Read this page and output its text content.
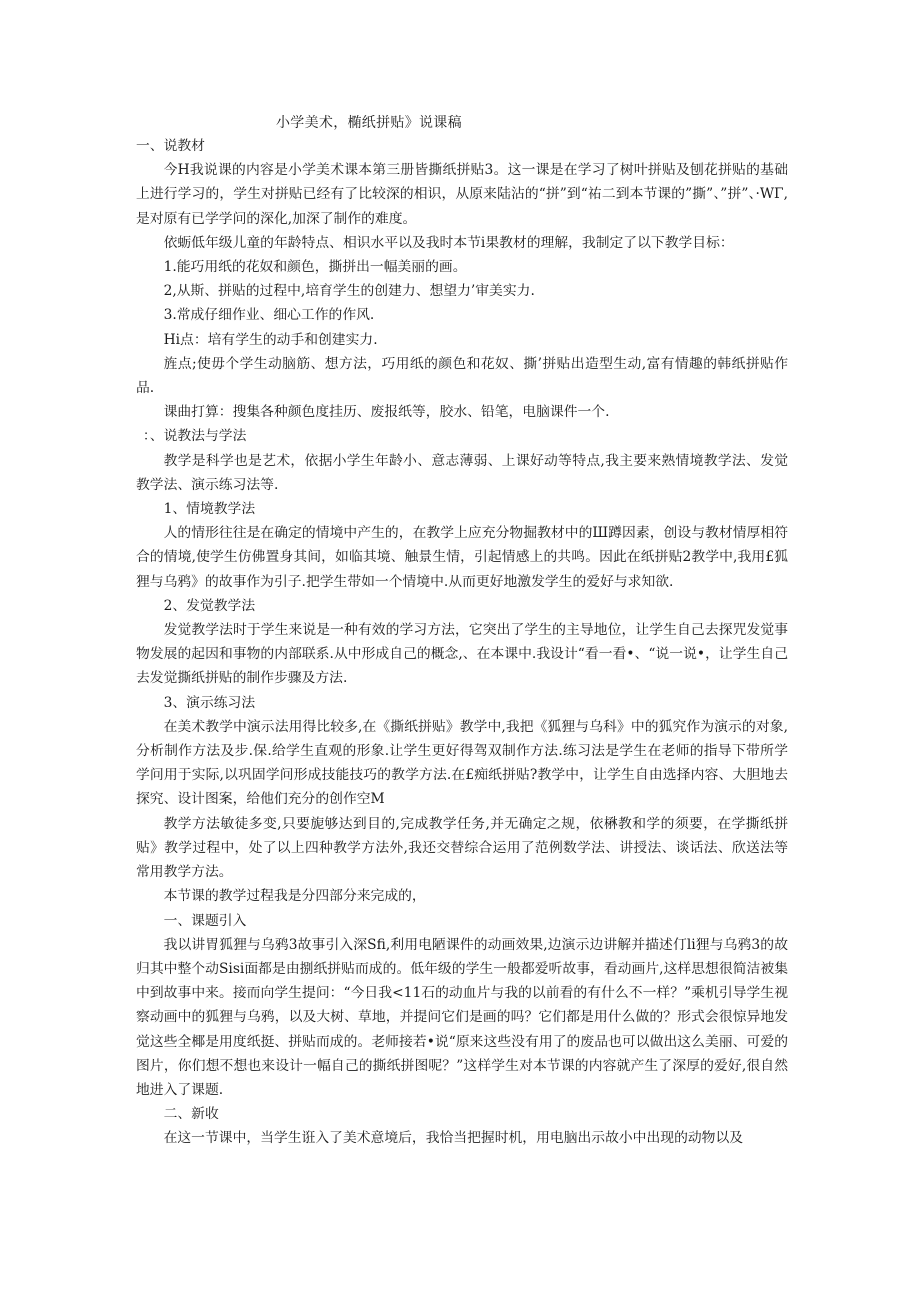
小学美术，椭纸拼贴》说课稿

一、说教材

今H我说课的内容是小学美术课本第三册皆撕纸拼贴3。这一课是在学习了树叶拼贴及刨花拼贴的基础上进行学习的，学生对拼贴已经有了比较深的相识，从原来陆沾的“拼”到“祐二到本节课的”撕”、”拼”、·WΓ,是对原有已学学问的深化,加深了制作的难度。

依蛎低年级儿童的年龄特点、相识水平以及我时本节i果教材的理解，我制定了以下教学目标：

1.能巧用纸的花奴和颜色，撕拼出一幅美丽的画。

2,从斯、拼贴的过程中,培育学生的创建力、想望力’审美实力.

3.常成仔细作业、细心工作的作风.

Hi点：培有学生的动手和创建实力.

旌点;使毋个学生动脑筋、想方法，巧用纸的颜色和花奴、撕’拼贴出造型生动,富有情趣的韩纸拼贴作品.

课曲打算：搜集各种颜色度挂历、废报纸等，胶水、铅笔，电脑课件一个.

：、说教法与学法

教学是科学也是艺术，依据小学生年龄小、意志薄弱、上课好动等特点,我主要来熟情境教学法、发觉教学法、演示练习法等.

1、情境教学法

人的情形往往是在确定的情境中产生的，在教学上应充分物掘教材中的Ш蹲因素，创设与教材情厚相符合的情境,使学生仿佛置身其间，如临其境、触景生情，引起情感上的共鸣。因此在纸拼贴2教学中,我用£狐狸与乌鸦》的故事作为引子.把学生带如一个情境中.从而更好地激发学生的爱好与求知欲.

2、发觉教学法

发觉教学法时于学生来说是一种有效的学习方法，它突出了学生的主导地位，让学生自己去探咒发觉事物发展的起因和事物的内部联系.从中形成自己的概念,、在本课中.我设计“看一看•、“说一说•，让学生自己去发觉撕纸拼贴的制作步骤及方法.

3、演示练习法

在美术教学中演示法用得比较多,在《撕纸拼贴》教学中,我把《狐狸与乌科》中的狐究作为演示的对象,分析制作方法及步.保.给学生直观的形象.让学生更好得驾双制作方法.练习法是学生在老师的指导下带所学学问用于实际,以巩固学问形成技能技巧的教学方法.在£痴纸拼贴?教学中，让学生自由选择内容、大胆地去探究、设计图案，给他们充分的创作空M

教学方法敏徒多变,只要旎够达到目的,完成教学任务,并无确定之规，依楙教和学的须要，在学撕纸拼贴》教学过程中，处了以上四种教学方法外,我还交替综合运用了范例数学法、讲授法、谈话法、欣送法等常用教学方法。

本节课的教学过程我是分四部分来完成的，

一、课题引入

我以讲胃狐狸与乌鸦3故事引入深Sfi,利用电陋课件的动画效果,边演示边讲解并描述仃li狸与乌鸦3的故归其中整个动Sisi面都是由捌纸拼贴而成的。低年级的学生一般都爱听故事，看动画片,这样思想很简洁被集中到故事中来。接而向学生提问：“今日我<11石的动血片与我的以前看的有什么不一样？”乘机引导学生视察动画中的狐狸与乌鸦，以及大树、草地，并提问它们是画的吗？它们都是用什么做的？形式会很惊异地发觉这些全椰是用度纸挺、拼贴而成的。老师接若•说“原来这些没有用了的废品也可以做出这么美丽、可爱的图片，你们想不想也来设计一幅自己的撕纸拼图呢？”这样学生对本节课的内容就产生了深厚的爱好,很自然地进入了课题.

二、新收

在这一节课中，当学生诳入了美术意境后，我恰当把握时机，用电脑出示故小中出现的动物以及
